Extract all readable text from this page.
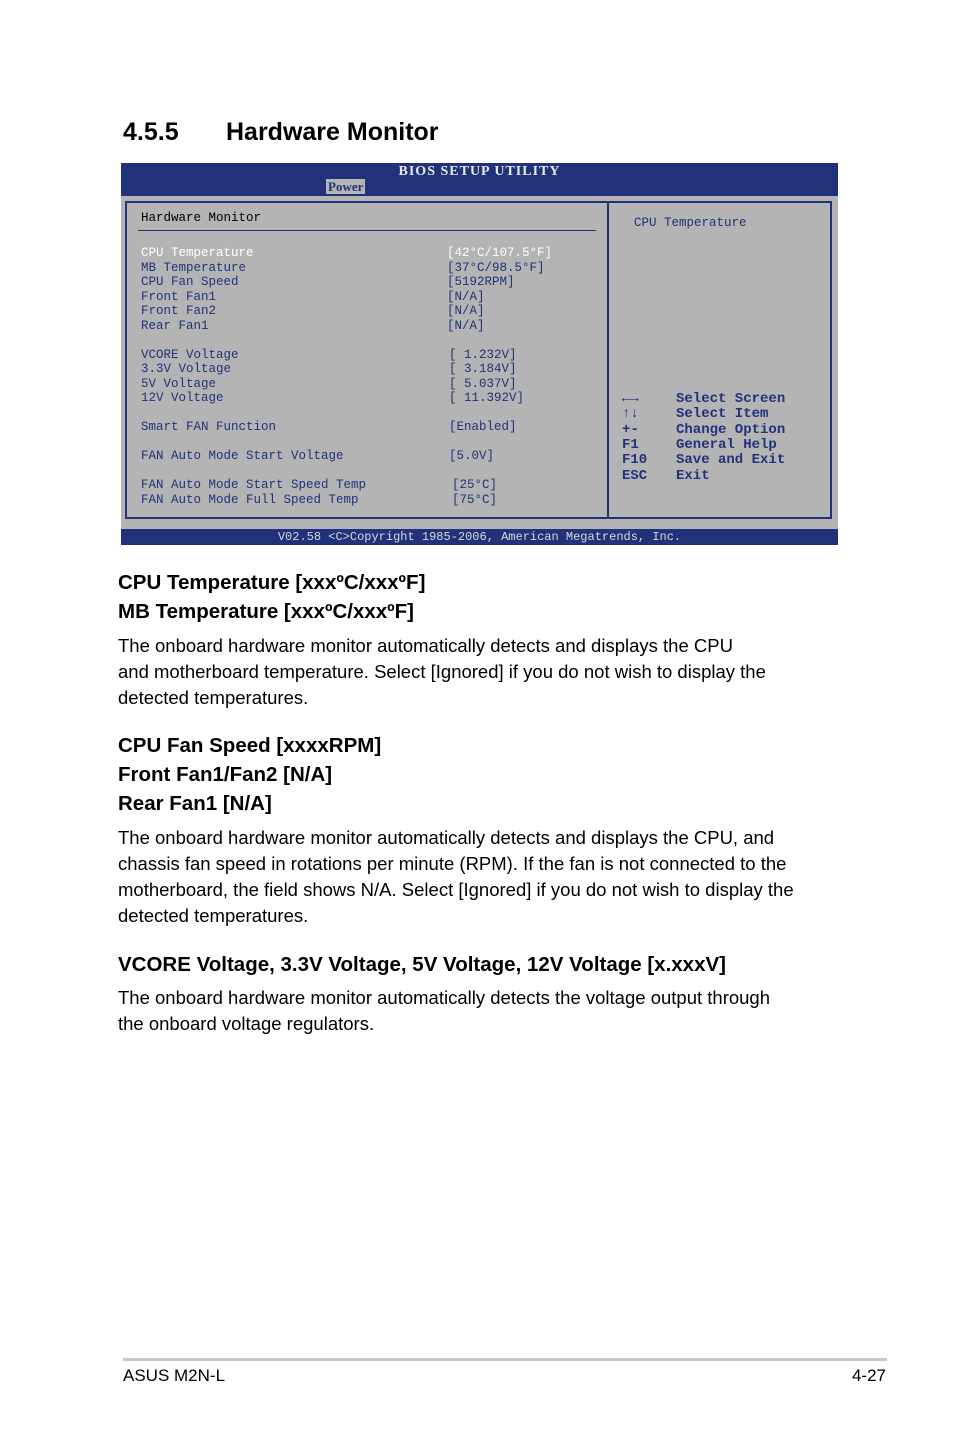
4.5.5 Hardware Monitor
BIOS SETUP UTILITY
Power
Hardware Monitor
CPU Temperature	[42°C/107.5°F]
MB Temperature	[37°C/98.5°F]
CPU Fan Speed	[5192RPM]
Front Fan1	[N/A]
Front Fan2	[N/A]
Rear Fan1	[N/A]
VCORE Voltage	[ 1.232V]
3.3V Voltage	[ 3.184V]
5V Voltage	[ 5.037V]
12V Voltage	[ 11.392V]
Smart FAN Function	[Enabled]
FAN Auto Mode Start Voltage	[5.0V]
FAN Auto Mode Start Speed Temp	[25°C]
FAN Auto Mode Full Speed Temp	[75°C]
CPU Temperature
←→	Select Screen
↑↓	Select Item
+-	Change Option
F1	General Help
F10 Save and Exit
ESC Exit
V02.58 <C>Copyright 1985-2006, American Megatrends, Inc.
CPU Temperature [xxxºC/xxxºF]
MB Temperature [xxxºC/xxxºF]
The onboard hardware monitor automatically detects and displays the CPU
and motherboard temperature. Select [Ignored] if you do not wish to display the
detected temperatures.
CPU Fan Speed [xxxxRPM]
Front Fan1/Fan2 [N/A]
Rear Fan1 [N/A]
The onboard hardware monitor automatically detects and displays the CPU, and
chassis fan speed in rotations per minute (RPM). If the fan is not connected to the
motherboard, the field shows N/A. Select [Ignored] if you do not wish to display the
detected temperatures.
VCORE Voltage, 3.3V Voltage, 5V Voltage, 12V Voltage [x.xxxV]
The onboard hardware monitor automatically detects the voltage output through
the onboard voltage regulators.
ASUS M2N-L	4-27
